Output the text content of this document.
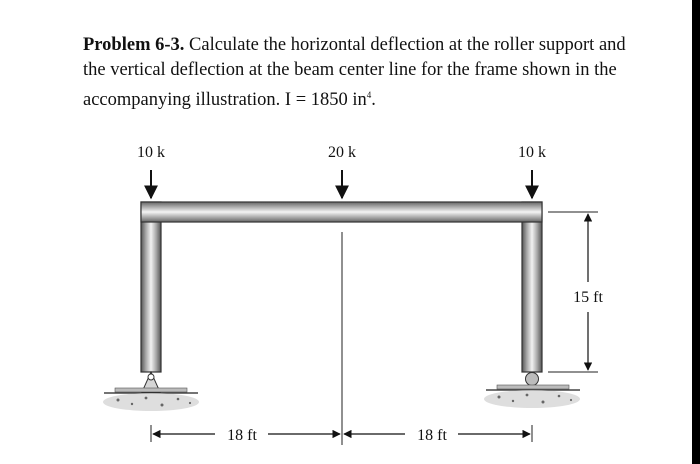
Problem 6-3. Calculate the horizontal deflection at the roller support and the vertical deflection at the beam center line for the frame shown in the accompanying illustration. I = 1850 $in^4$.

10 k	20 k	10 k
18 ft	18 ft
15 ft
